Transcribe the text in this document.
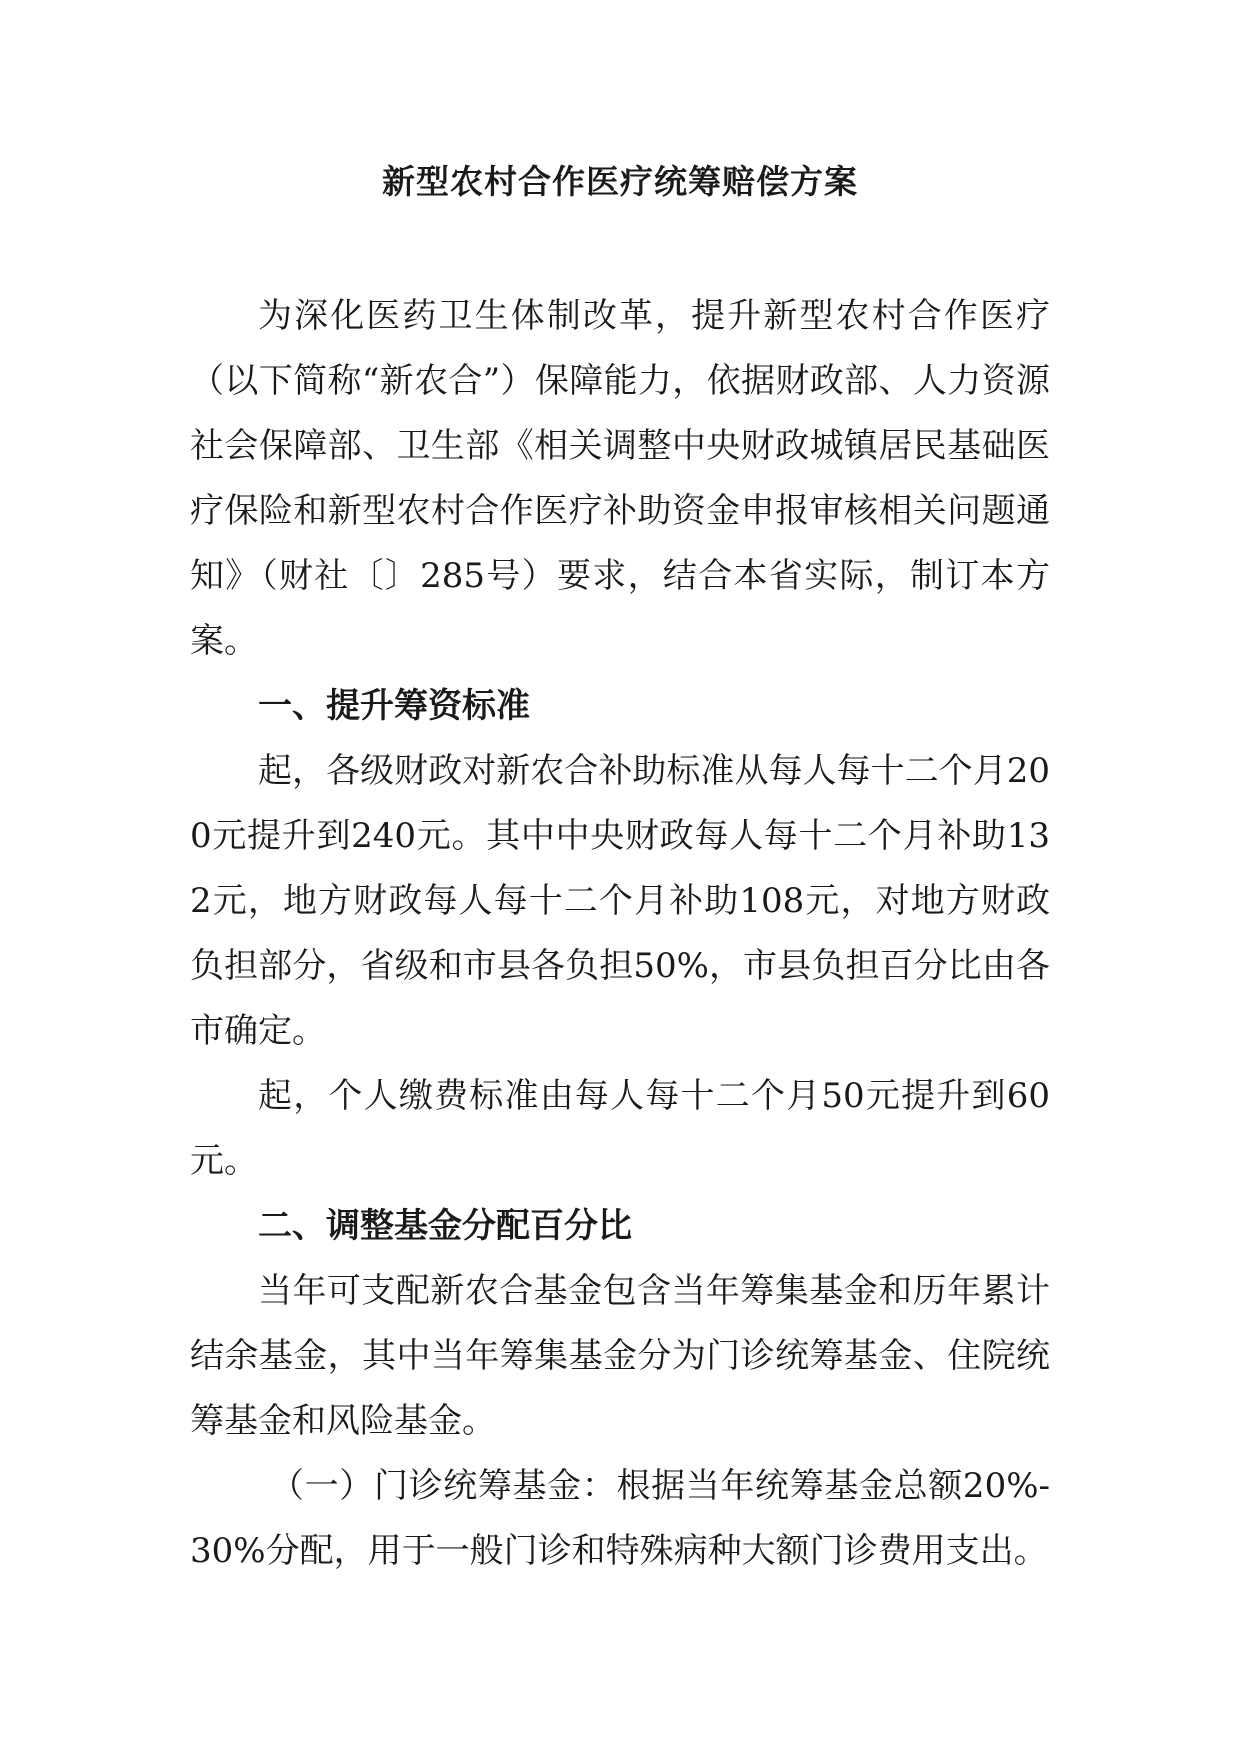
新型农村合作医疗统筹赔偿方案

为深化医药卫生体制改革，提升新型农村合作医疗（以下简称“新农合”）保障能力，依据财政部、人力资源社会保障部、卫生部《相关调整中央财政城镇居民基础医疗保险和新型农村合作医疗补助资金申报审核相关问题通知》（财社〔〕285号）要求，结合本省实际，制订本方案。

一、提升筹资标准

起，各级财政对新农合补助标准从每人每十二个月200元提升到240元。其中中央财政每人每十二个月补助132元，地方财政每人每十二个月补助108元，对地方财政负担部分，省级和市县各负担50%，市县负担百分比由各市确定。

起，个人缴费标准由每人每十二个月50元提升到60元。

二、调整基金分配百分比

当年可支配新农合基金包含当年筹集基金和历年累计结余基金，其中当年筹集基金分为门诊统筹基金、住院统筹基金和风险基金。

（一）门诊统筹基金：根据当年统筹基金总额20%-30%分配，用于一般门诊和特殊病种大额门诊费用支出。
